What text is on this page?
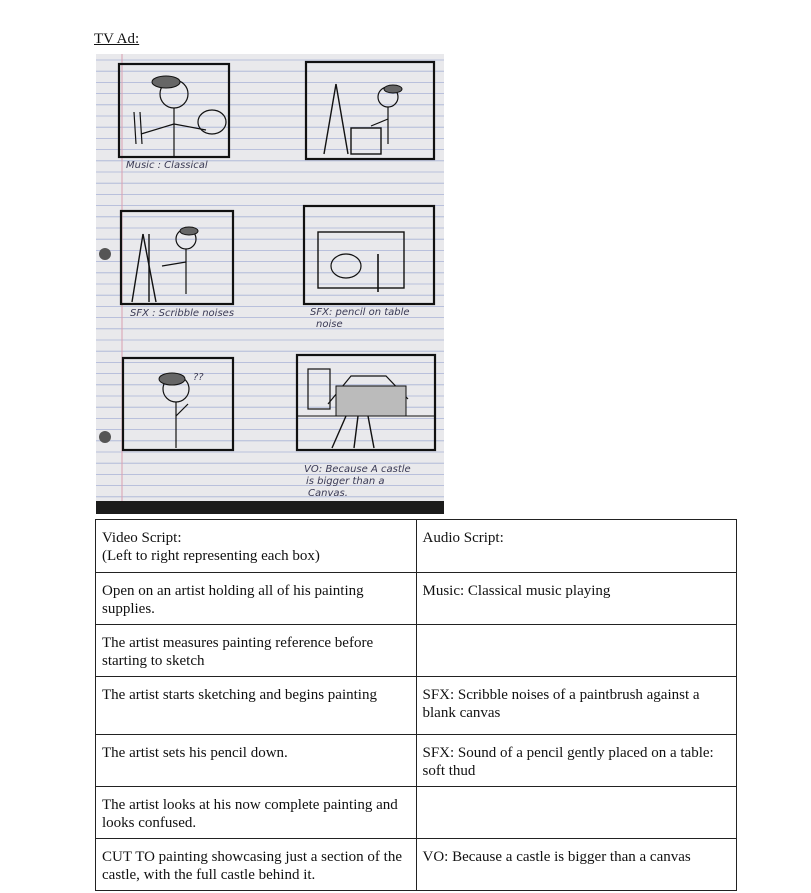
TV Ad:
Music : Classical
SFX : Scribble noises	SFX: pencil on table
noise
??
VO: Because A castle
is bigger than a
Canvas.
Video Script:
(Left to right representing each box)	Audio Script:
Open on an artist holding all of his painting supplies.	Music: Classical music playing
The artist measures painting reference before starting to sketch	
The artist starts sketching and begins painting	SFX: Scribble noises of a paintbrush against a blank canvas
The artist sets his pencil down.	SFX: Sound of a pencil gently placed on a table: soft thud
The artist looks at his now complete painting and looks confused.	
CUT TO painting showcasing just a section of the castle, with the full castle behind it.	VO: Because a castle is bigger than a canvas
